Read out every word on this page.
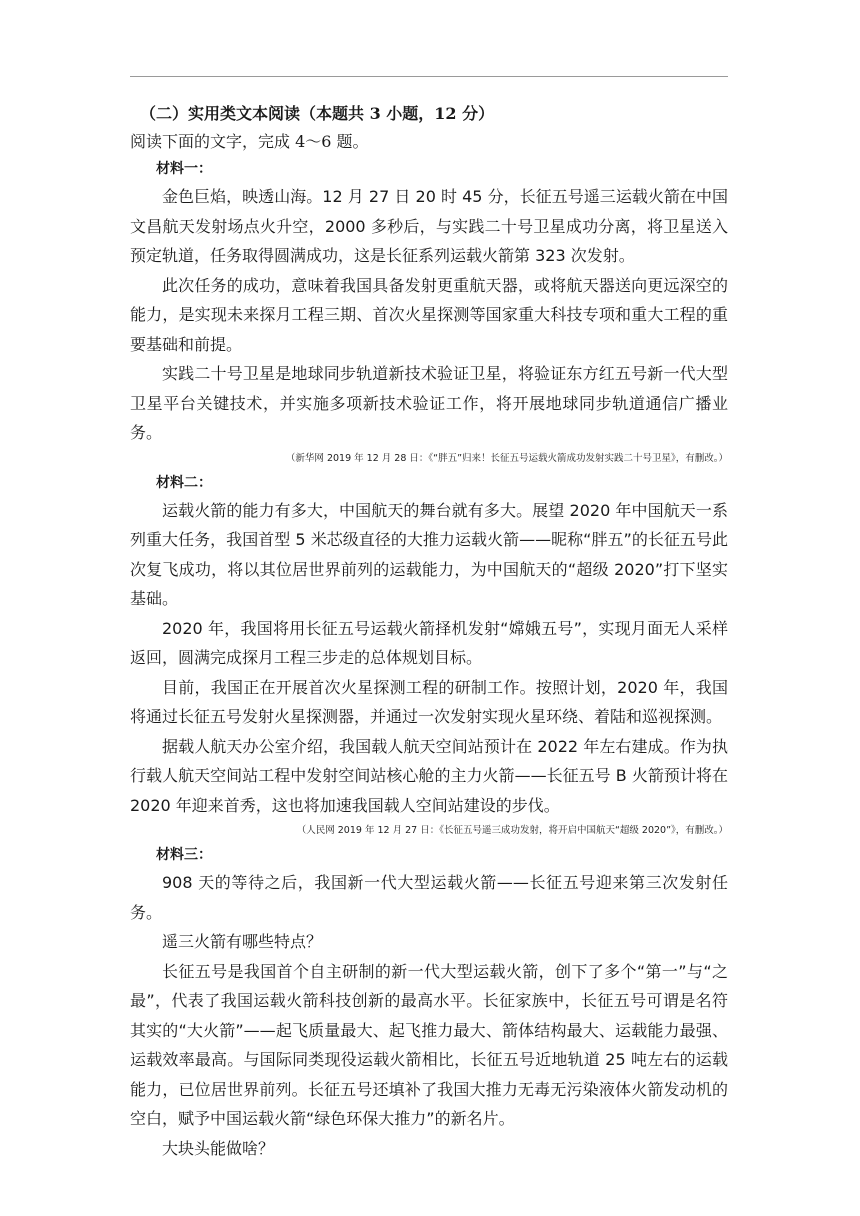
（二）实用类文本阅读（本题共 3 小题，12 分）
阅读下面的文字，完成 4～6 题。
材料一：

金色巨焰，映透山海。12 月 27 日 20 时 45 分，长征五号遥三运载火箭在中国文昌航天发射场点火升空，2000 多秒后，与实践二十号卫星成功分离，将卫星送入预定轨道，任务取得圆满成功，这是长征系列运载火箭第 323 次发射。

此次任务的成功，意味着我国具备发射更重航天器，或将航天器送向更远深空的能力，是实现未来探月工程三期、首次火星探测等国家重大科技专项和重大工程的重要基础和前提。

实践二十号卫星是地球同步轨道新技术验证卫星，将验证东方红五号新一代大型卫星平台关键技术，并实施多项新技术验证工作，将开展地球同步轨道通信广播业务。

（新华网 2019 年 12 月 28 日：《“胖五”归来！长征五号运载火箭成功发射实践二十号卫星》，有删改。）
材料二：

运载火箭的能力有多大，中国航天的舞台就有多大。展望 2020 年中国航天一系列重大任务，我国首型 5 米芯级直径的大推力运载火箭——昵称“胖五”的长征五号此次复飞成功，将以其位居世界前列的运载能力，为中国航天的“超级 2020”打下坚实基础。

2020 年，我国将用长征五号运载火箭择机发射“嫦娥五号”，实现月面无人采样返回，圆满完成探月工程三步走的总体规划目标。

目前，我国正在开展首次火星探测工程的研制工作。按照计划，2020 年，我国将通过长征五号发射火星探测器，并通过一次发射实现火星环绕、着陆和巡视探测。

据载人航天办公室介绍，我国载人航天空间站预计在 2022 年左右建成。作为执行载人航天空间站工程中发射空间站核心舱的主力火箭——长征五号 B 火箭预计将在 2020 年迎来首秀，这也将加速我国载人空间站建设的步伐。

（人民网 2019 年 12 月 27 日：《长征五号遥三成功发射，将开启中国航天“超级 2020”》，有删改。）
材料三：

908 天的等待之后，我国新一代大型运载火箭——长征五号迎来第三次发射任务。

遥三火箭有哪些特点？

长征五号是我国首个自主研制的新一代大型运载火箭，创下了多个“第一”与“之最”，代表了我国运载火箭科技创新的最高水平。长征家族中，长征五号可谓是名符其实的“大火箭”——起飞质量最大、起飞推力最大、箭体结构最大、运载能力最强、运载效率最高。与国际同类现役运载火箭相比，长征五号近地轨道 25 吨左右的运载能力，已位居世界前列。长征五号还填补了我国大推力无毒无污染液体火箭发动机的空白，赋予中国运载火箭“绿色环保大推力”的新名片。

大块头能做啥？
